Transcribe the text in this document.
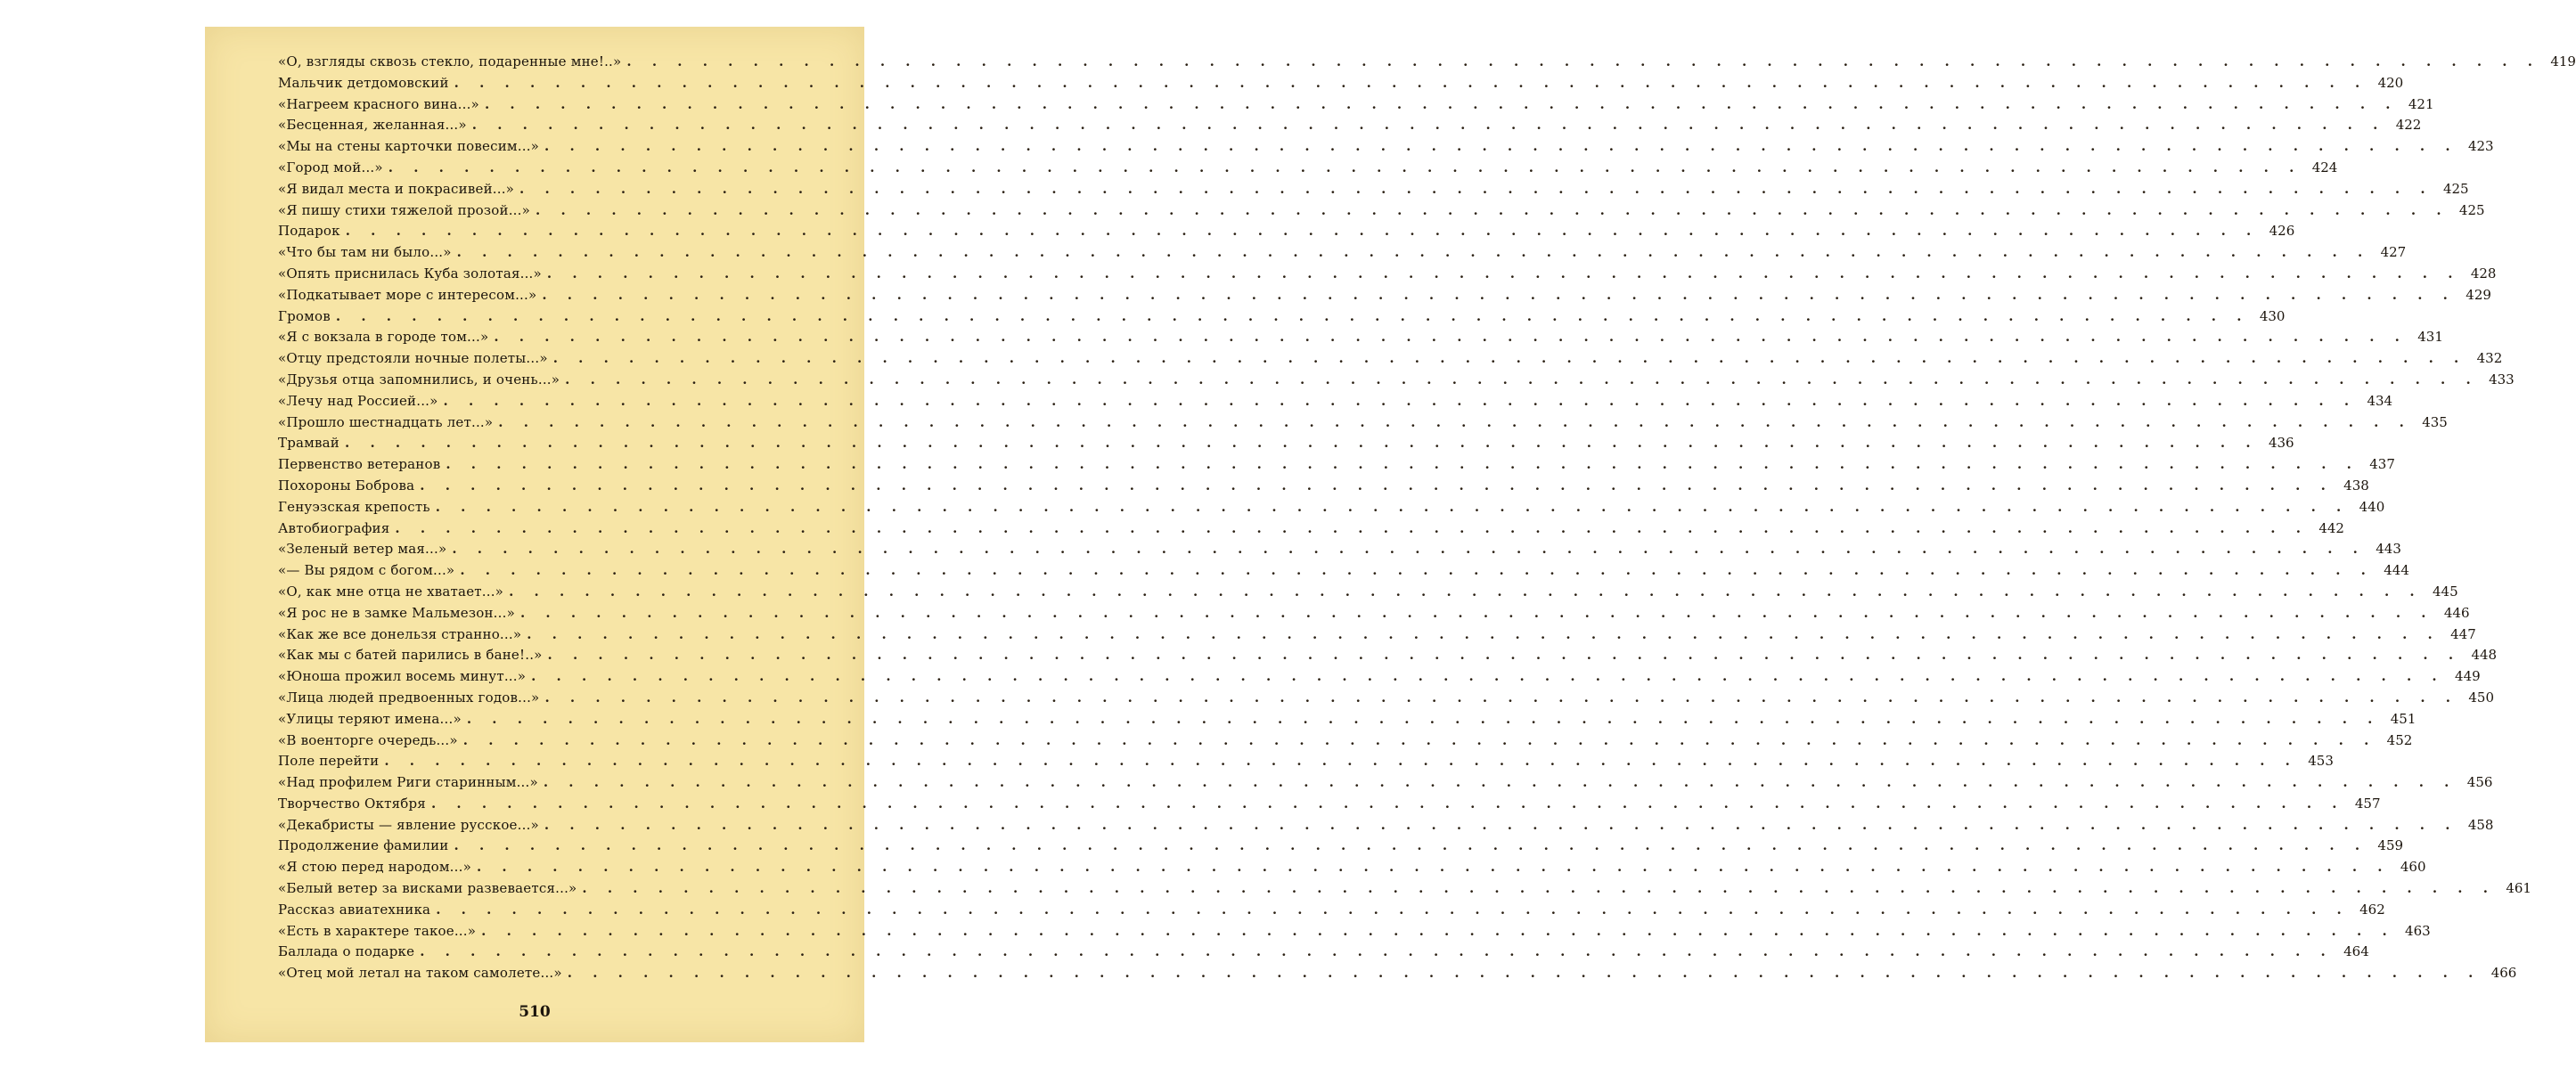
«О, взгляды сквозь стекло, подаренные мне!..» . . . . . . . . . . . . . . . . . . . . . . . . . . . . . . . . . . . . . . . . . . . . . . . . . . . . . . . . . . . . . . . . . . . . . . . . . . . . 419
Мальчик детдомовский . . . . . . . . . . . . . . . . . . . . . . . . . . . . . . . . . . . . . . . . . . . . . . . . . . . . . . . . . . . . . . . . . . . . . . . . . . . . 420
«Нагреем красного вина...» . . . . . . . . . . . . . . . . . . . . . . . . . . . . . . . . . . . . . . . . . . . . . . . . . . . . . . . . . . . . . . . . . . . . . . . . . . . . 421
«Бесценная, желанная...» . . . . . . . . . . . . . . . . . . . . . . . . . . . . . . . . . . . . . . . . . . . . . . . . . . . . . . . . . . . . . . . . . . . . . . . . . . . . 422
«Мы на стены карточки повесим...» . . . . . . . . . . . . . . . . . . . . . . . . . . . . . . . . . . . . . . . . . . . . . . . . . . . . . . . . . . . . . . . . . . . . . . . . . . . . 423
«Город мой...» . . . . . . . . . . . . . . . . . . . . . . . . . . . . . . . . . . . . . . . . . . . . . . . . . . . . . . . . . . . . . . . . . . . . . . . . . . . . 424
«Я видал места и покрасивей...» . . . . . . . . . . . . . . . . . . . . . . . . . . . . . . . . . . . . . . . . . . . . . . . . . . . . . . . . . . . . . . . . . . . . . . . . . . . . 425
«Я пишу стихи тяжелой прозой...» . . . . . . . . . . . . . . . . . . . . . . . . . . . . . . . . . . . . . . . . . . . . . . . . . . . . . . . . . . . . . . . . . . . . . . . . . . . . 425
Подарок . . . . . . . . . . . . . . . . . . . . . . . . . . . . . . . . . . . . . . . . . . . . . . . . . . . . . . . . . . . . . . . . . . . . . . . . . . . . 426
«Что бы там ни было...» . . . . . . . . . . . . . . . . . . . . . . . . . . . . . . . . . . . . . . . . . . . . . . . . . . . . . . . . . . . . . . . . . . . . . . . . . . . . 427
«Опять приснилась Куба золотая...» . . . . . . . . . . . . . . . . . . . . . . . . . . . . . . . . . . . . . . . . . . . . . . . . . . . . . . . . . . . . . . . . . . . . . . . . . . . . 428
«Подкатывает море с интересом...» . . . . . . . . . . . . . . . . . . . . . . . . . . . . . . . . . . . . . . . . . . . . . . . . . . . . . . . . . . . . . . . . . . . . . . . . . . . . 429
Громов . . . . . . . . . . . . . . . . . . . . . . . . . . . . . . . . . . . . . . . . . . . . . . . . . . . . . . . . . . . . . . . . . . . . . . . . . . . . 430
«Я с вокзала в городе том...» . . . . . . . . . . . . . . . . . . . . . . . . . . . . . . . . . . . . . . . . . . . . . . . . . . . . . . . . . . . . . . . . . . . . . . . . . . . . 431
«Отцу предстояли ночные полеты...» . . . . . . . . . . . . . . . . . . . . . . . . . . . . . . . . . . . . . . . . . . . . . . . . . . . . . . . . . . . . . . . . . . . . . . . . . . . . 432
«Друзья отца запомнились, и очень...» . . . . . . . . . . . . . . . . . . . . . . . . . . . . . . . . . . . . . . . . . . . . . . . . . . . . . . . . . . . . . . . . . . . . . . . . . . . . 433
«Лечу над Россией...» . . . . . . . . . . . . . . . . . . . . . . . . . . . . . . . . . . . . . . . . . . . . . . . . . . . . . . . . . . . . . . . . . . . . . . . . . . . . 434
«Прошло шестнадцать лет...» . . . . . . . . . . . . . . . . . . . . . . . . . . . . . . . . . . . . . . . . . . . . . . . . . . . . . . . . . . . . . . . . . . . . . . . . . . . . 435
Трамвай . . . . . . . . . . . . . . . . . . . . . . . . . . . . . . . . . . . . . . . . . . . . . . . . . . . . . . . . . . . . . . . . . . . . . . . . . . . . 436
Первенство ветеранов . . . . . . . . . . . . . . . . . . . . . . . . . . . . . . . . . . . . . . . . . . . . . . . . . . . . . . . . . . . . . . . . . . . . . . . . . . . . 437
Похороны Боброва . . . . . . . . . . . . . . . . . . . . . . . . . . . . . . . . . . . . . . . . . . . . . . . . . . . . . . . . . . . . . . . . . . . . . . . . . . . . 438
Генуэзская крепость . . . . . . . . . . . . . . . . . . . . . . . . . . . . . . . . . . . . . . . . . . . . . . . . . . . . . . . . . . . . . . . . . . . . . . . . . . . . 440
Автобиография . . . . . . . . . . . . . . . . . . . . . . . . . . . . . . . . . . . . . . . . . . . . . . . . . . . . . . . . . . . . . . . . . . . . . . . . . . . . 442
«Зеленый ветер мая...» . . . . . . . . . . . . . . . . . . . . . . . . . . . . . . . . . . . . . . . . . . . . . . . . . . . . . . . . . . . . . . . . . . . . . . . . . . . . 443
«— Вы рядом с богом...» . . . . . . . . . . . . . . . . . . . . . . . . . . . . . . . . . . . . . . . . . . . . . . . . . . . . . . . . . . . . . . . . . . . . . . . . . . . . 444
«О, как мне отца не хватает...» . . . . . . . . . . . . . . . . . . . . . . . . . . . . . . . . . . . . . . . . . . . . . . . . . . . . . . . . . . . . . . . . . . . . . . . . . . . . 445
«Я рос не в замке Мальмезон...» . . . . . . . . . . . . . . . . . . . . . . . . . . . . . . . . . . . . . . . . . . . . . . . . . . . . . . . . . . . . . . . . . . . . . . . . . . . . 446
«Как же все донельзя странно...» . . . . . . . . . . . . . . . . . . . . . . . . . . . . . . . . . . . . . . . . . . . . . . . . . . . . . . . . . . . . . . . . . . . . . . . . . . . . 447
«Как мы с батей парились в бане!..» . . . . . . . . . . . . . . . . . . . . . . . . . . . . . . . . . . . . . . . . . . . . . . . . . . . . . . . . . . . . . . . . . . . . . . . . . . . . 448
«Юноша прожил восемь минут...» . . . . . . . . . . . . . . . . . . . . . . . . . . . . . . . . . . . . . . . . . . . . . . . . . . . . . . . . . . . . . . . . . . . . . . . . . . . . 449
«Лица людей предвоенных годов...» . . . . . . . . . . . . . . . . . . . . . . . . . . . . . . . . . . . . . . . . . . . . . . . . . . . . . . . . . . . . . . . . . . . . . . . . . . . . 450
«Улицы теряют имена...» . . . . . . . . . . . . . . . . . . . . . . . . . . . . . . . . . . . . . . . . . . . . . . . . . . . . . . . . . . . . . . . . . . . . . . . . . . . . 451
«В военторге очередь...» . . . . . . . . . . . . . . . . . . . . . . . . . . . . . . . . . . . . . . . . . . . . . . . . . . . . . . . . . . . . . . . . . . . . . . . . . . . . 452
Поле перейти . . . . . . . . . . . . . . . . . . . . . . . . . . . . . . . . . . . . . . . . . . . . . . . . . . . . . . . . . . . . . . . . . . . . . . . . . . . . 453
«Над профилем Риги старинным...» . . . . . . . . . . . . . . . . . . . . . . . . . . . . . . . . . . . . . . . . . . . . . . . . . . . . . . . . . . . . . . . . . . . . . . . . . . . . 456
Творчество Октября . . . . . . . . . . . . . . . . . . . . . . . . . . . . . . . . . . . . . . . . . . . . . . . . . . . . . . . . . . . . . . . . . . . . . . . . . . . . 457
«Декабристы — явление русское...» . . . . . . . . . . . . . . . . . . . . . . . . . . . . . . . . . . . . . . . . . . . . . . . . . . . . . . . . . . . . . . . . . . . . . . . . . . . . 458
Продолжение фамилии . . . . . . . . . . . . . . . . . . . . . . . . . . . . . . . . . . . . . . . . . . . . . . . . . . . . . . . . . . . . . . . . . . . . . . . . . . . . 459
«Я стою перед народом...» . . . . . . . . . . . . . . . . . . . . . . . . . . . . . . . . . . . . . . . . . . . . . . . . . . . . . . . . . . . . . . . . . . . . . . . . . . . . 460
«Белый ветер за висками развевается...» . . . . . . . . . . . . . . . . . . . . . . . . . . . . . . . . . . . . . . . . . . . . . . . . . . . . . . . . . . . . . . . . . . . . . . . . . . . . 461
Рассказ авиатехника . . . . . . . . . . . . . . . . . . . . . . . . . . . . . . . . . . . . . . . . . . . . . . . . . . . . . . . . . . . . . . . . . . . . . . . . . . . . 462
«Есть в характере такое...» . . . . . . . . . . . . . . . . . . . . . . . . . . . . . . . . . . . . . . . . . . . . . . . . . . . . . . . . . . . . . . . . . . . . . . . . . . . . 463
Баллада о подарке . . . . . . . . . . . . . . . . . . . . . . . . . . . . . . . . . . . . . . . . . . . . . . . . . . . . . . . . . . . . . . . . . . . . . . . . . . . . 464
«Отец мой летал на таком самолете...» . . . . . . . . . . . . . . . . . . . . . . . . . . . . . . . . . . . . . . . . . . . . . . . . . . . . . . . . . . . . . . . . . . . . . . . . . . . . 466
510
